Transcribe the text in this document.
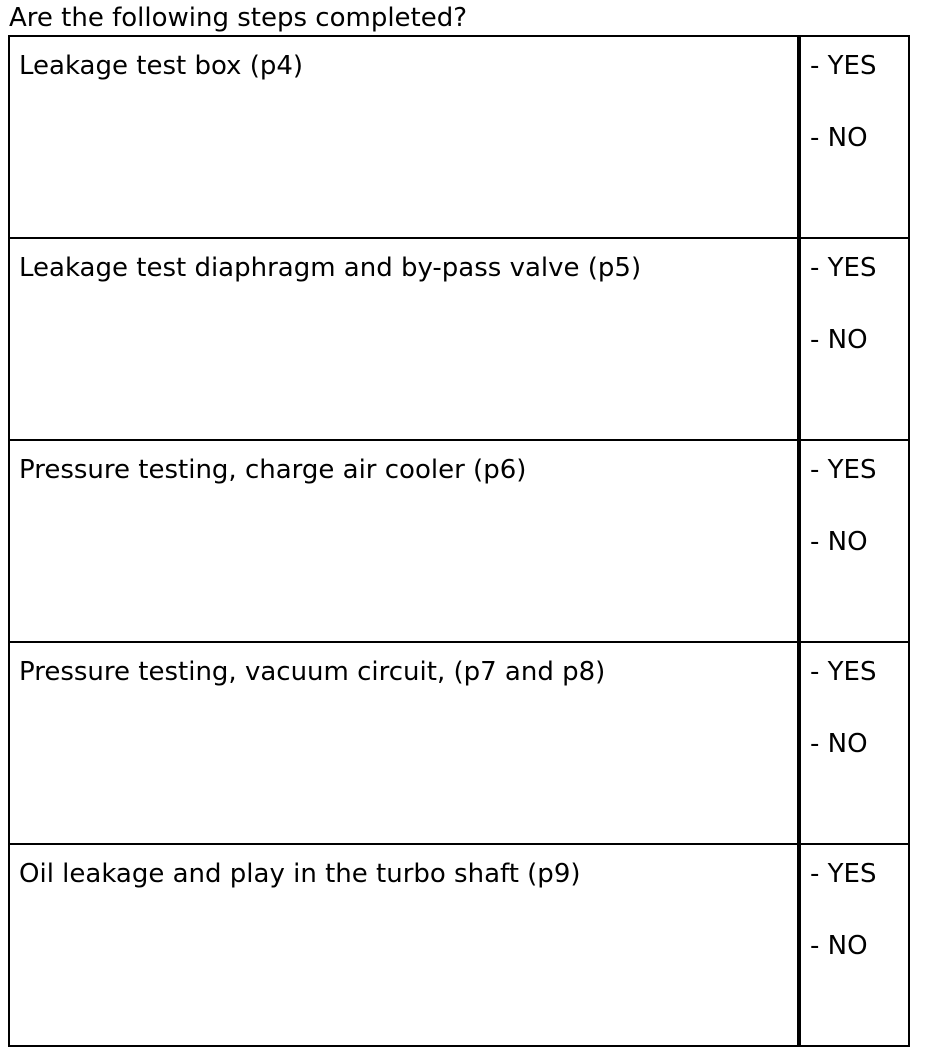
Are the following steps completed?
Leakage test box (p4)	- YES
- NO

Leakage test diaphragm and by-pass valve (p5)	- YES
- NO

Pressure testing, charge air cooler (p6)	- YES
- NO

Pressure testing, vacuum circuit, (p7 and p8)	- YES
- NO

Oil leakage and play in the turbo shaft (p9)	- YES
- NO
